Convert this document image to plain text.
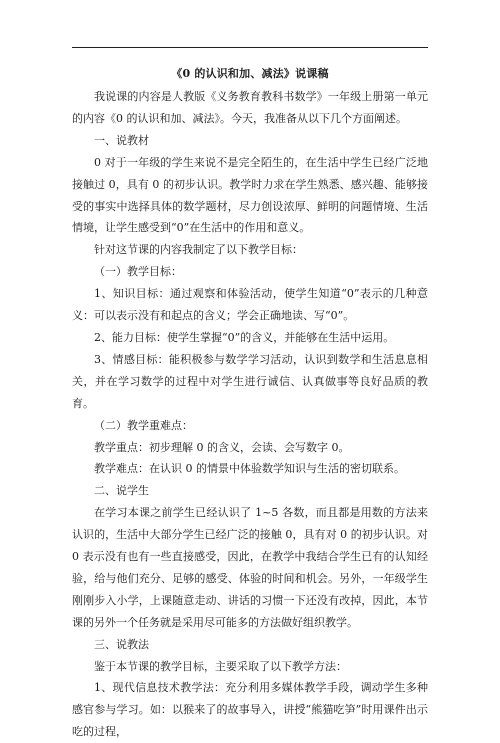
《0 的认识和加、减法》说课稿
我说课的内容是人教版《义务教育教科书数学》一年级上册第一单元的内容《0 的认识和加、减法》。今天，我准备从以下几个方面阐述。
一、说教材
0 对于一年级的学生来说不是完全陌生的，在生活中学生已经广泛地接触过 0，具有 0 的初步认识。教学时力求在学生熟悉、感兴趣、能够接受的事实中选择具体的数学题材，尽力创设浓厚、鲜明的问题情境、生活情境，让学生感受到“0”在生活中的作用和意义。
针对这节课的内容我制定了以下教学目标：
（一）教学目标：
1、知识目标：通过观察和体验活动，使学生知道“0”表示的几种意义：可以表示没有和起点的含义；学会正确地读、写“0”。
2、能力目标：使学生掌握“0”的含义，并能够在生活中运用。
3、情感目标：能积极参与数学学习活动，认识到数学和生活息息相关，并在学习数学的过程中对学生进行诚信、认真做事等良好品质的教育。
（二）教学重难点：
教学重点：初步理解 0 的含义，会读、会写数字 0。
教学难点：在认识 0 的情景中体验数学知识与生活的密切联系。
二、说学生
在学习本课之前学生已经认识了 1~5 各数，而且都是用数的方法来认识的，生活中大部分学生已经广泛的接触 0，具有对 0 的初步认识。对 0 表示没有也有一些直接感受，因此，在教学中我结合学生已有的认知经验，给与他们充分、足够的感受、体验的时间和机会。另外，一年级学生刚刚步入小学，上课随意走动、讲话的习惯一下还没有改掉，因此，本节课的另外一个任务就是采用尽可能多的方法做好组织教学。
三、说教法
鉴于本节课的教学目标，主要采取了以下教学方法：
1、现代信息技术教学法：充分利用多媒体教学手段，调动学生多种感官参与学习。如：以猴来了的故事导入，讲授“熊猫吃笋”时用课件出示吃的过程，
